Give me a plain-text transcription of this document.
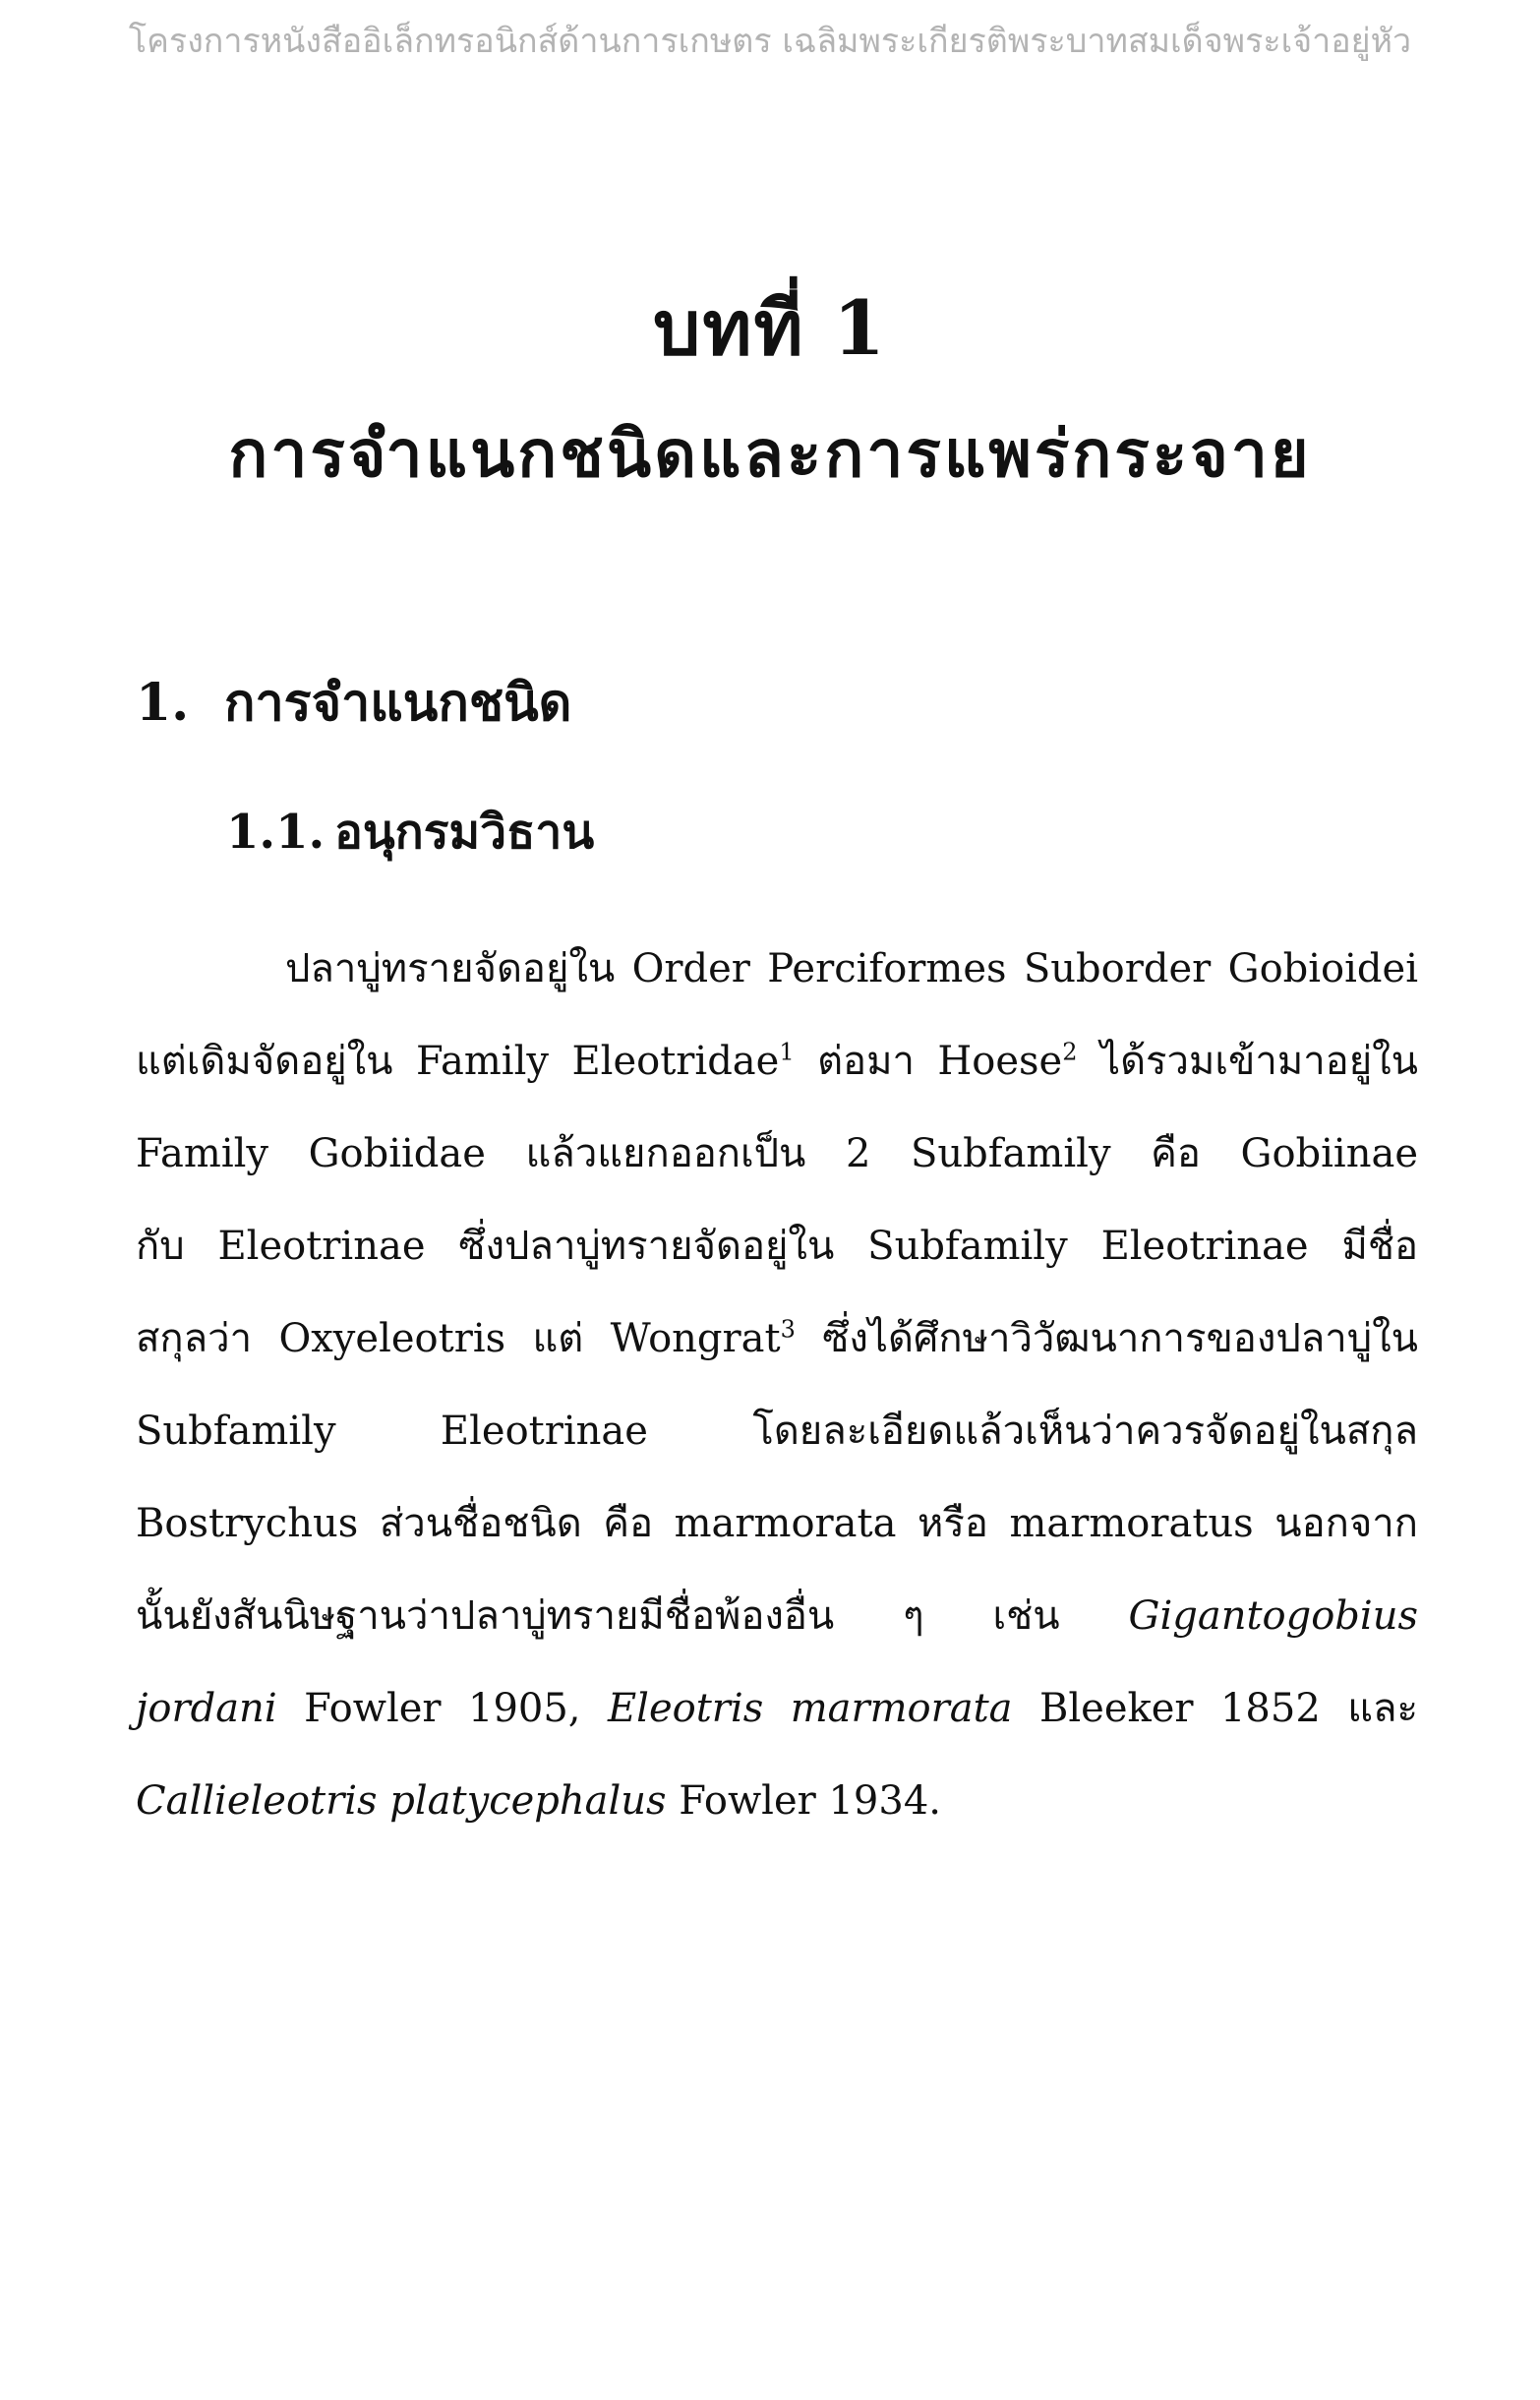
โครงการหนังสืออิเล็กทรอนิกส์ด้านการเกษตร เฉลิมพระเกียรติพระบาทสมเด็จพระเจ้าอยู่หัว
บทที่ 1
การจำแนกชนิดและการแพร่กระจาย
1. การจำแนกชนิด
1.1. อนุกรมวิธาน
ปลาบู่ทรายจัดอยู่ใน Order Perciformes Suborder Gobioidei
แต่เดิมจัดอยู่ใน Family Eleotridae$^1$ ต่อมา Hoese$^2$ ได้รวมเข้ามาอยู่ใน
Family Gobiidae แล้วแยกออกเป็น 2 Subfamily คือ Gobiinae
กับ Eleotrinae ซึ่งปลาบู่ทรายจัดอยู่ใน Subfamily Eleotrinae มีชื่อ
สกุลว่า Oxyeleotris แต่ Wongrat$^3$ ซึ่งได้ศึกษาวิวัฒนาการของปลาบู่ใน
Subfamily Eleotrinae โดยละเอียดแล้วเห็นว่าควรจัดอยู่ในสกุล
Bostrychus ส่วนชื่อชนิด คือ marmorata หรือ marmoratus นอกจาก
นั้นยังสันนิษฐานว่าปลาบู่ทรายมีชื่อพ้องอื่น ๆ เช่น Gigantogobius
jordani Fowler 1905, Eleotris marmorata Bleeker 1852 และ
Callieleotris platycephalus Fowler 1934.
